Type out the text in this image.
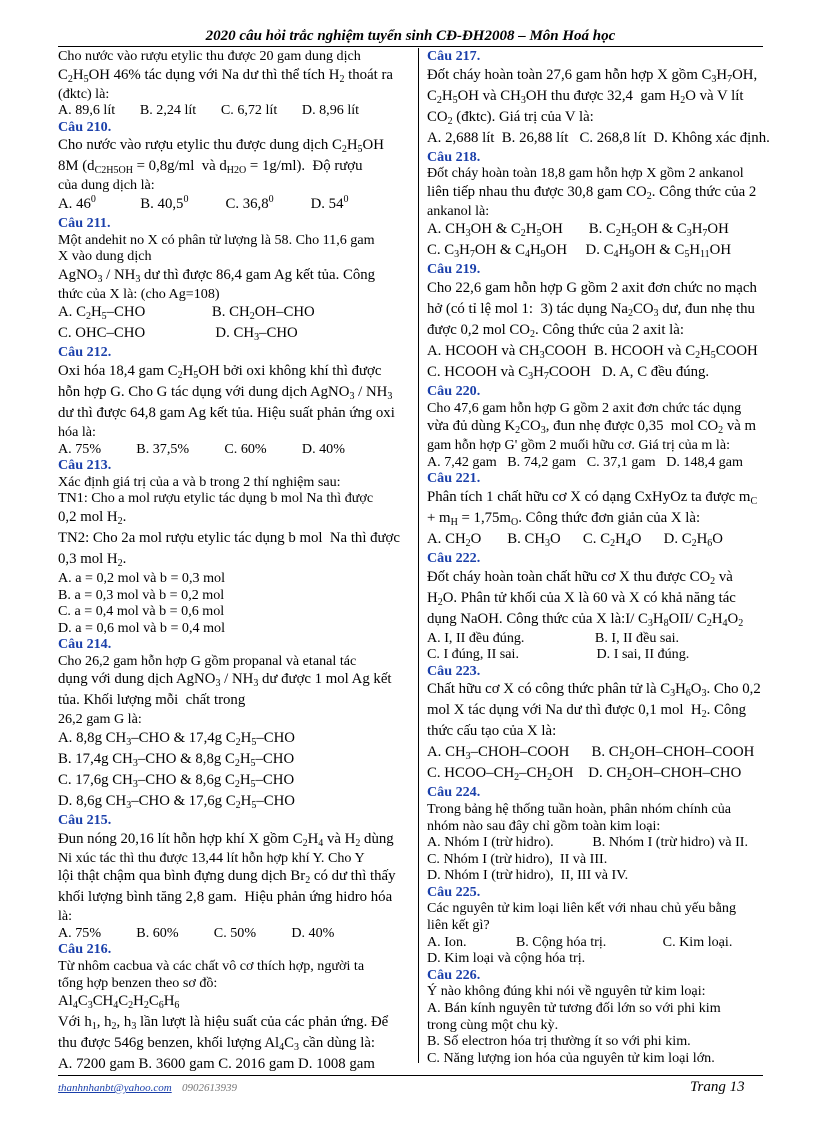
2020 câu hỏi trắc nghiệm tuyển sinh CĐ-ĐH2008 – Môn Hoá học
Cho nước vào rượu etylic thu được 20 gam dung dịch
$C_2H_5OH$ 46% tác dụng với Na dư thì thể tích $H_2$ thoát ra
(đktc) là:
A. 89,6 lít       B. 2,24 lít       C. 6,72 lít       D. 8,96 lít
Câu 210.
Cho nước vào rượu etylic thu được dung dịch $C_2H_5OH$
8M ($d_{C2H5OH} = 0,8g/ml$  và $d_{H2O} = 1g/ml$).  Độ rượu
của dung dịch là:
A. $46^0$            B. 40,5$^0$          C. 36,8$^0$          D. $54^0$
Câu 211.
Một andehit no X có phân tử lượng là 58. Cho 11,6 gam
X vào dung dịch
AgNO$_3$ / $NH_3$ dư thì được 86,4 gam Ag kết tủa. Công
thức của X là: (cho Ag=108)
A. $C_2H_5$–CHO                  B. $CH_2OH$–CHO
C. OHC–CHO                   D. $CH_3$–CHO
Câu 212.
Oxi hóa 18,4 gam $C_2H_5OH$ bởi oxi không khí thì được
hỗn hợp G. Cho G tác dụng với dung dịch AgNO$_3$ / $NH_3$
dư thì được 64,8 gam Ag kết tủa. Hiệu suất phản ứng oxi
hóa là:
A. 75%          B. 37,5%          C. 60%          D. 40%
Câu 213.
Xác định giá trị của a và b trong 2 thí nghiệm sau:
TN1: Cho a mol rượu etylic tác dụng b mol Na thì được
0,2 mol $H_2$.
TN2: Cho 2a mol rượu etylic tác dụng b mol  Na thì được
0,3 mol $H_2$.
A. a = 0,2 mol và b = 0,3 mol
B. a = 0,3 mol và b = 0,2 mol
C. a = 0,4 mol và b = 0,6 mol
D. a = 0,6 mol và b = 0,4 mol
Câu 214.
Cho 26,2 gam hỗn hợp G gồm propanal và etanal tác
dụng với dung dịch AgNO$_3$ / $NH_3$ dư được 1 mol Ag kết
tủa. Khối lượng mỗi  chất trong
26,2 gam G là:
A. 8,8g $CH_3$–CHO & 17,4g $C_2H_5$–CHO
B. 17,4g $CH_3$–CHO & 8,8g $C_2H_5$–CHO
C. 17,6g $CH_3$–CHO & 8,6g $C_2H_5$–CHO
D. 8,6g $CH_3$–CHO & 17,6g $C_2H_5$–CHO
Câu 215.
Đun nóng 20,16 lít hỗn hợp khí X gồm $C_2H_4$ và $H_2$ dùng
Ni xúc tác thì thu được 13,44 lít hỗn hợp khí Y. Cho Y
lội thật chậm qua bình đựng dung dịch $Br_2$ có dư thì thấy
khối lượng bình tăng 2,8 gam.  Hiệu phản ứng hidro hóa
là:
A. 75%          B. 60%          C. 50%          D. 40%
Câu 216.
Từ nhôm cacbua và các chất vô cơ thích hợp, người ta
tổng hợp benzen theo sơ đồ:
$Al_4C_3CH_4C_2H_2C_6H_6$
Với $h_1$, $h_2$, $h_3$ lần lượt là hiệu suất của các phản ứng. Để
thu được 546g benzen, khối lượng $Al_4C_3$ cần dùng là:
A. 7200 gam B. 3600 gam C. 2016 gam D. 1008 gam
Câu 217.
Đốt cháy hoàn toàn 27,6 gam hỗn hợp X gồm $C_3H_7OH$,
$C_2H_5OH$ và $CH_3OH$ thu được 32,4  gam $H_2O$ và V lít
$CO_2$ (đktc). Giá trị của V là:
A. 2,688 lít  B. 26,88 lít   C. 268,8 lít  D. Không xác định.
Câu 218.
Đốt cháy hoàn toàn 18,8 gam hỗn hợp X gồm 2 ankanol
liên tiếp nhau thu được 30,8 gam $CO_2$. Công thức của 2
ankanol là:
A. $CH_3OH$ & $C_2H_5OH$       B. $C_2H_5OH$ & $C_3H_7OH$
C. $C_3H_7OH$ & $C_4H_9OH$     D. $C_4H_9OH$ & $C_5H_{11}OH$
Câu 219.
Cho 22,6 gam hỗn hợp G gồm 2 axit đơn chức no mạch
hở (có tỉ lệ mol 1:  3) tác dụng $Na_2CO_3$ dư, đun nhẹ thu
được 0,2 mol $CO_2$. Công thức của 2 axit là:
A. HCOOH và $CH_3COOH$  B. HCOOH và $C_2H_5COOH$
C. HCOOH và $C_3H_7COOH$   D. A, C đều đúng.
Câu 220.
Cho 47,6 gam hỗn hợp G gồm 2 axit đơn chức tác dụng
vừa đủ dùng $K_2CO_3$, đun nhẹ được 0,35  mol $CO_2$ và m
gam hỗn hợp G' gồm 2 muối hữu cơ. Giá trị của m là:
A. 7,42 gam   B. 74,2 gam   C. 37,1 gam   D. 148,4 gam
Câu 221.
Phân tích 1 chất hữu cơ X có dạng CxHyOz ta được $m_C$
+ $m_H = 1,75m_O$. Công thức đơn giản của X là:
A. $CH_2O$       B. $CH_3O$      C. $C_2H_4O$      D. $C_2H_6O$
Câu 222.
Đốt cháy hoàn toàn chất hữu cơ X thu được $CO_2$ và
$H_2O$. Phân tử khối của X là 60 và X có khả năng tác
dụng NaOH. Công thức của X là:I/ $C_3H_8OII/$ $C_2H_4O_2$
A. I, II đều đúng.                    B. I, II đều sai.
C. I đúng, II sai.                      D. I sai, II đúng.
Câu 223.
Chất hữu cơ X có công thức phân tử là $C_3H_6O_3$. Cho 0,2
mol X tác dụng với Na dư thì được 0,1 mol  $H_2$. Công
thức cấu tạo của X là:
A. $CH_3-CHOH$–COOH      B. $CH_2OH-CHOH$–COOH
C. HCOO–$CH_2-CH_2OH$    D. $CH_2OH-CHOH$–CHO
Câu 224.
Trong bảng hệ thống tuần hoàn, phân nhóm chính của
nhóm nào sau đây chỉ gồm toàn kim loại:
A. Nhóm I (trừ hidro).           B. Nhóm I (trừ hidro) và II.
C. Nhóm I (trừ hidro),  II và III.
D. Nhóm I (trừ hidro),  II, III và IV.
Câu 225.
Các nguyên tử kim loại liên kết với nhau chủ yếu bằng
liên kết gì?
A. Ion.              B. Cộng hóa trị.                C. Kim loại.
D. Kim loại và cộng hóa trị.
Câu 226.
Ý nào không đúng khi nói về nguyên tử kim loại:
A. Bán kính nguyên tử tương đối lớn so với phi kim
trong cùng một chu kỳ.
B. Số electron hóa trị thường ít so với phi kim.
C. Năng lượng ion hóa của nguyên tử kim loại lớn.
thanhnhanbt@yahoo.com 0902613939	Trang 13
